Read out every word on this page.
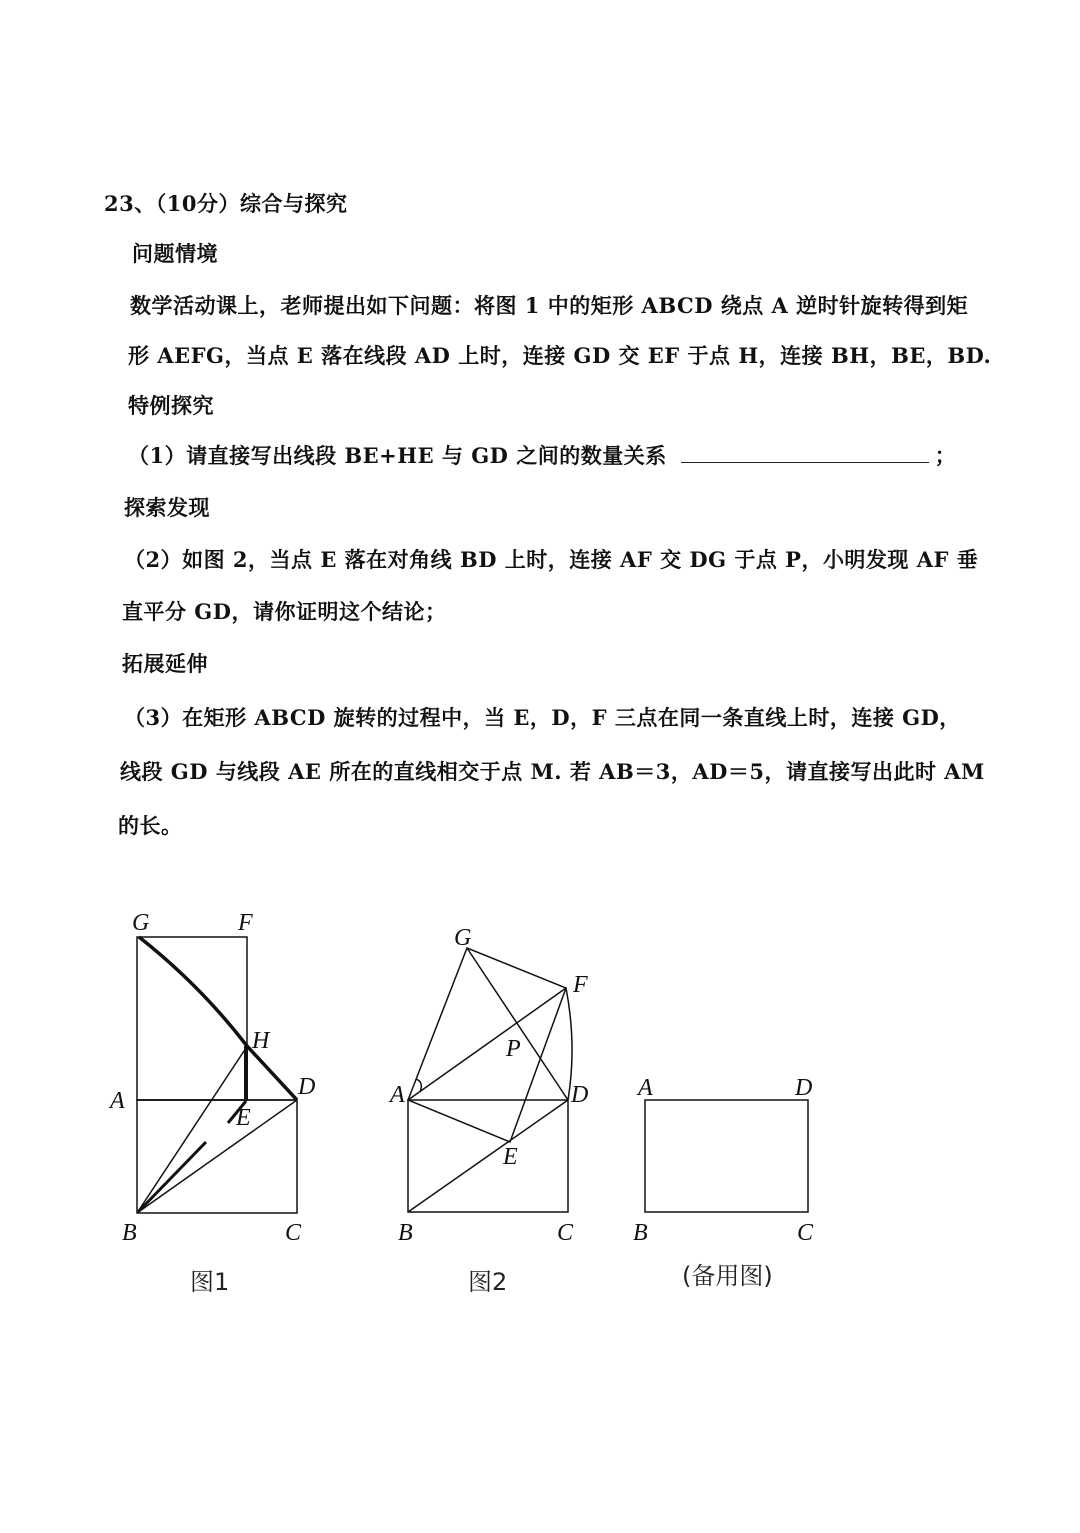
23、（10分）综合与探究
问题情境
数学活动课上，老师提出如下问题：将图 1 中的矩形 ABCD 绕点 A 逆时针旋转得到矩
形 AEFG，当点 E 落在线段 AD 上时，连接 GD 交 EF 于点 H，连接 BH，BE，BD.
特例探究
（1）请直接写出线段 BE+HE 与 GD 之间的数量关系	；
探索发现
（2）如图 2，当点 E 落在对角线 BD 上时，连接 AF 交 DG 于点 P，小明发现 AF 垂
直平分 GD，请你证明这个结论；
拓展延伸
（3）在矩形 ABCD 旋转的过程中，当 E，D，F 三点在同一条直线上时，连接 GD，
线段 GD 与线段 AE 所在的直线相交于点 M. 若 AB＝3，AD＝5，请直接写出此时 AM
的长。
G	F
H
A
D
E
B	C
G
F
P
A	D
E
B	C
A	D
B	C
图1	图2	(备用图)
